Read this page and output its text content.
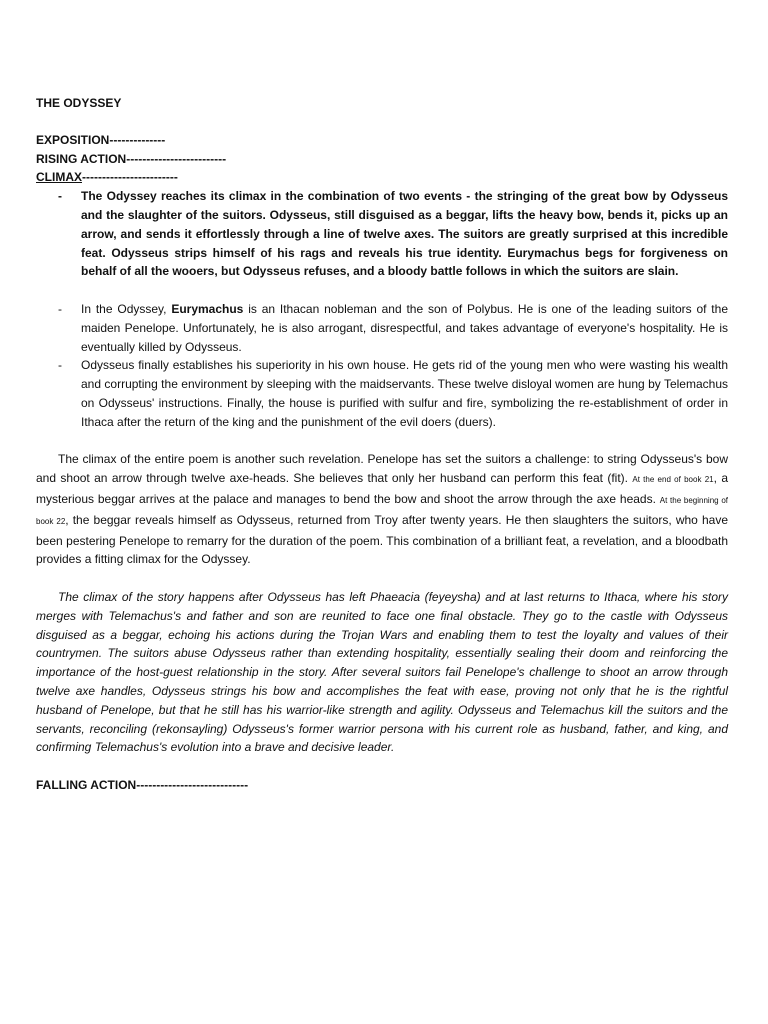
THE ODYSSEY
EXPOSITION--------------
RISING ACTION-------------------------
CLIMAX------------------------
- The Odyssey reaches its climax in the combination of two events - the stringing of the great bow by Odysseus and the slaughter of the suitors. Odysseus, still disguised as a beggar, lifts the heavy bow, bends it, picks up an arrow, and sends it effortlessly through a line of twelve axes. The suitors are greatly surprised at this incredible feat. Odysseus strips himself of his rags and reveals his true identity. Eurymachus begs for forgiveness on behalf of all the wooers, but Odysseus refuses, and a bloody battle follows in which the suitors are slain.
- In the Odyssey, Eurymachus is an Ithacan nobleman and the son of Polybus. He is one of the leading suitors of the maiden Penelope. Unfortunately, he is also arrogant, disrespectful, and takes advantage of everyone's hospitality. He is eventually killed by Odysseus.
- Odysseus finally establishes his superiority in his own house. He gets rid of the young men who were wasting his wealth and corrupting the environment by sleeping with the maidservants. These twelve disloyal women are hung by Telemachus on Odysseus' instructions. Finally, the house is purified with sulfur and fire, symbolizing the re-establishment of order in Ithaca after the return of the king and the punishment of the evil doers (duers).

The climax of the entire poem is another such revelation. Penelope has set the suitors a challenge: to string Odysseus's bow and shoot an arrow through twelve axe-heads. She believes that only her husband can perform this feat (fit). At the end of book 21, a mysterious beggar arrives at the palace and manages to bend the bow and shoot the arrow through the axe heads. At the beginning of book 22, the beggar reveals himself as Odysseus, returned from Troy after twenty years. He then slaughters the suitors, who have been pestering Penelope to remarry for the duration of the poem. This combination of a brilliant feat, a revelation, and a bloodbath provides a fitting climax for the Odyssey.

The climax of the story happens after Odysseus has left Phaeacia (feyeysha) and at last returns to Ithaca, where his story merges with Telemachus's and father and son are reunited to face one final obstacle. They go to the castle with Odysseus disguised as a beggar, echoing his actions during the Trojan Wars and enabling them to test the loyalty and values of their countrymen. The suitors abuse Odysseus rather than extending hospitality, essentially sealing their doom and reinforcing the importance of the host-guest relationship in the story. After several suitors fail Penelope's challenge to shoot an arrow through twelve axe handles, Odysseus strings his bow and accomplishes the feat with ease, proving not only that he is the rightful husband of Penelope, but that he still has his warrior-like strength and agility. Odysseus and Telemachus kill the suitors and the servants, reconciling (rekonsayling) Odysseus's former warrior persona with his current role as husband, father, and king, and confirming Telemachus's evolution into a brave and decisive leader.

FALLING ACTION----------------------------
